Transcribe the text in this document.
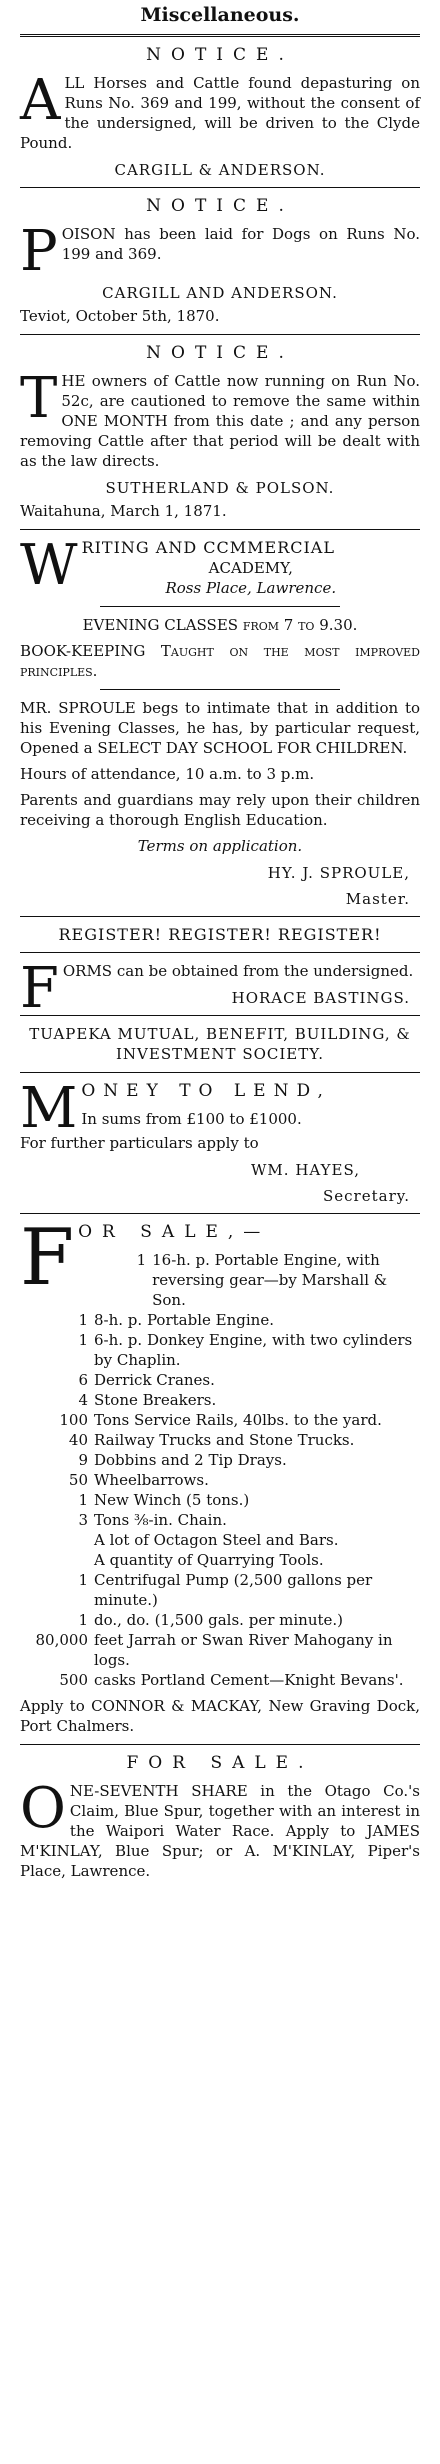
Miscellaneous.
NOTICE.

ALL Horses and Cattle found depasturing on Runs No. 369 and 199, without the consent of the undersigned, will be driven to the Clyde Pound.

CARGILL & ANDERSON.
NOTICE.

POISON has been laid for Dogs on Runs No. 199 and 369.

CARGILL AND ANDERSON.

Teviot, October 5th, 1870.

NOTICE.

THE owners of Cattle now running on Run No. 52c, are cautioned to remove the same within ONE MONTH from this date ; and any person removing Cattle after that period will be dealt with as the law directs.

SUTHERLAND & POLSON.

Waitahuna, March 1, 1871.

W RITING AND CCMMERCIAL
ACADEMY,
Ross Place, Lawrence.

EVENING CLASSES from 7 to 9.30.

BOOK-KEEPING Taught on the most improved principles.

MR. SPROULE begs to intimate that in addition to his Evening Classes, he has, by particular request, Opened a SELECT DAY SCHOOL FOR CHILDREN.

Hours of attendance, 10 a.m. to 3 p.m.

Parents and guardians may rely upon their children receiving a thorough English Education.

Terms on application.

HY. J. SPROULE,
Master.
REGISTER! REGISTER! REGISTER!

FORMS can be obtained from the undersigned.

HORACE BASTINGS.
TUAPEKA MUTUAL, BENEFIT, BUILDING, & INVESTMENT SOCIETY.
M ONEY TO LEND,
In sums from £100 to £1000.

For further particulars apply to

WM. HAYES,
Secretary.
F OR SALE,—
1 16-h. p. Portable Engine, with reversing gear—by Marshall & Son.
1 8-h. p. Portable Engine.
1 6-h. p. Donkey Engine, with two cylinders by Chaplin.
6 Derrick Cranes.
4 Stone Breakers.
100 Tons Service Rails, 40lbs. to the yard.
40 Railway Trucks and Stone Trucks.
9 Dobbins and 2 Tip Drays.
50 Wheelbarrows.
1 New Winch (5 tons.)
3 Tons ⅜-in. Chain.
A lot of Octagon Steel and Bars.
A quantity of Quarrying Tools.
1 Centrifugal Pump (2,500 gallons per minute.)
1 do., do. (1,500 gals. per minute.)
80,000 feet Jarrah or Swan River Mahogany in logs.
500 casks Portland Cement—Knight Bevans'.

Apply to CONNOR & MACKAY, New Graving Dock, Port Chalmers.

FOR SALE.

ONE-SEVENTH SHARE in the Otago Co.'s Claim, Blue Spur, together with an interest in the Waipori Water Race. Apply to JAMES M'KINLAY, Blue Spur; or A. M'KINLAY, Piper's Place, Lawrence.
